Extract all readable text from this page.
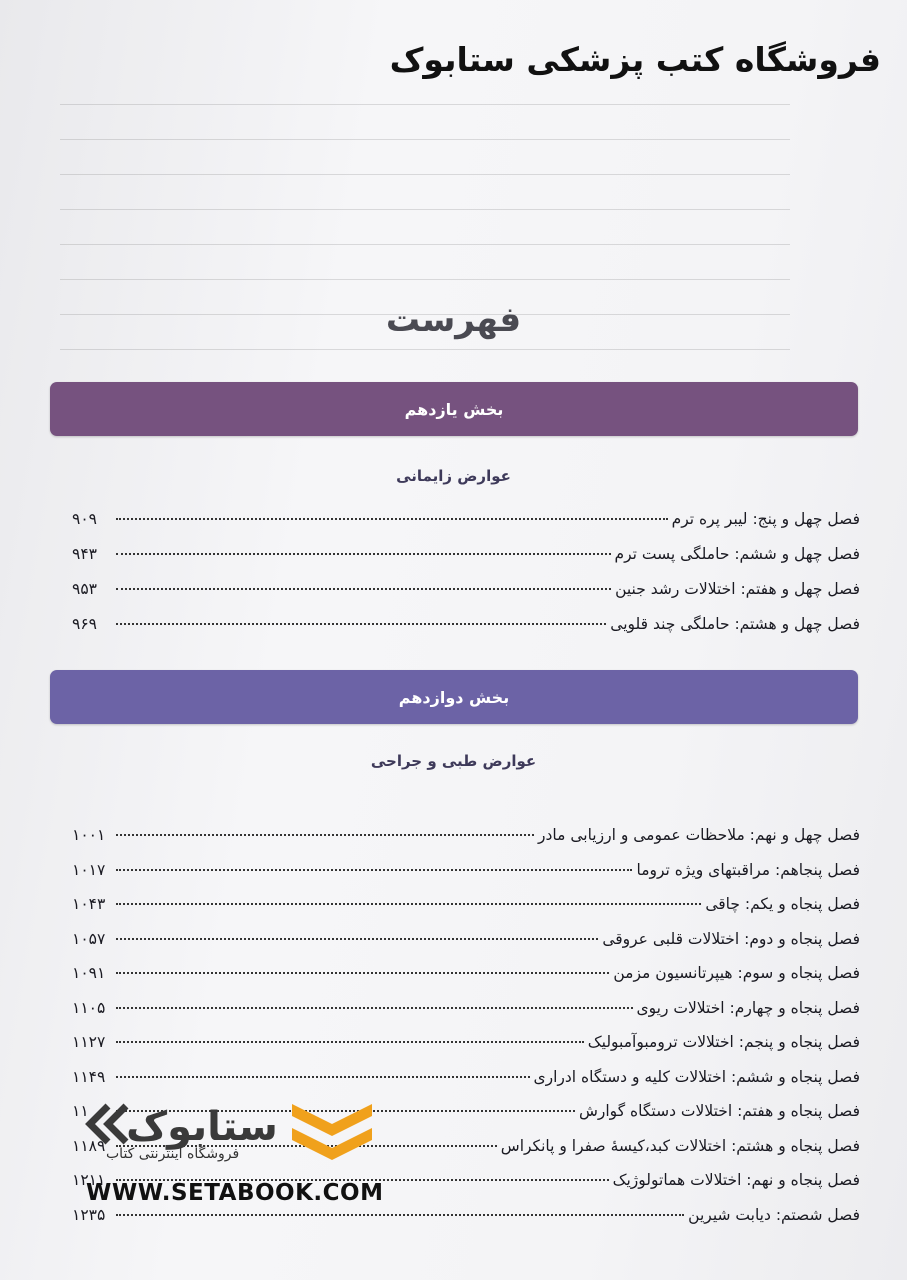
فروشگاه کتب پزشکی ستابوک
فهرست
بخش یازدهم
عوارض زایمانی
فصل چهل و پنج: لیبر پره ترم
۹۰۹
فصل چهل و ششم: حاملگی پست ترم
۹۴۳
فصل چهل و هفتم: اختلالات رشد جنین
۹۵۳
فصل چهل و هشتم: حاملگی چند قلویی
۹۶۹
بخش دوازدهم
عوارض طبی و جراحی
فصل چهل و نهم: ملاحظات عمومی و ارزیابی مادر
۱۰۰۱
فصل پنجاهم: مراقبتهای ویژه تروما
۱۰۱۷
فصل پنجاه و یکم: چاقی
۱۰۴۳
فصل پنجاه و دوم: اختلالات قلبی عروقی
۱۰۵۷
فصل پنجاه و سوم: هیپرتانسیون مزمن
۱۰۹۱
فصل پنجاه و چهارم: اختلالات ریوی
۱۱۰۵
فصل پنجاه و پنجم: اختلالات ترومبوآمبولیک
۱۱۲۷
فصل پنجاه و ششم: اختلالات کلیه و دستگاه ادراری
۱۱۴۹
فصل پنجاه و هفتم: اختلالات دستگاه گوارش
۱۱
فصل پنجاه و هشتم: اختلالات کبد،کیسهٔ صفرا و پانکراس
۱۱۸۹
فصل پنجاه و نهم: اختلالات هماتولوژیک
۱۲۱۱
فصل شصتم: دیابت شیرین
۱۲۳۵
ستابوک
فروشگاه اینترنتی کتاب
WWW.SETABOOK.COM
